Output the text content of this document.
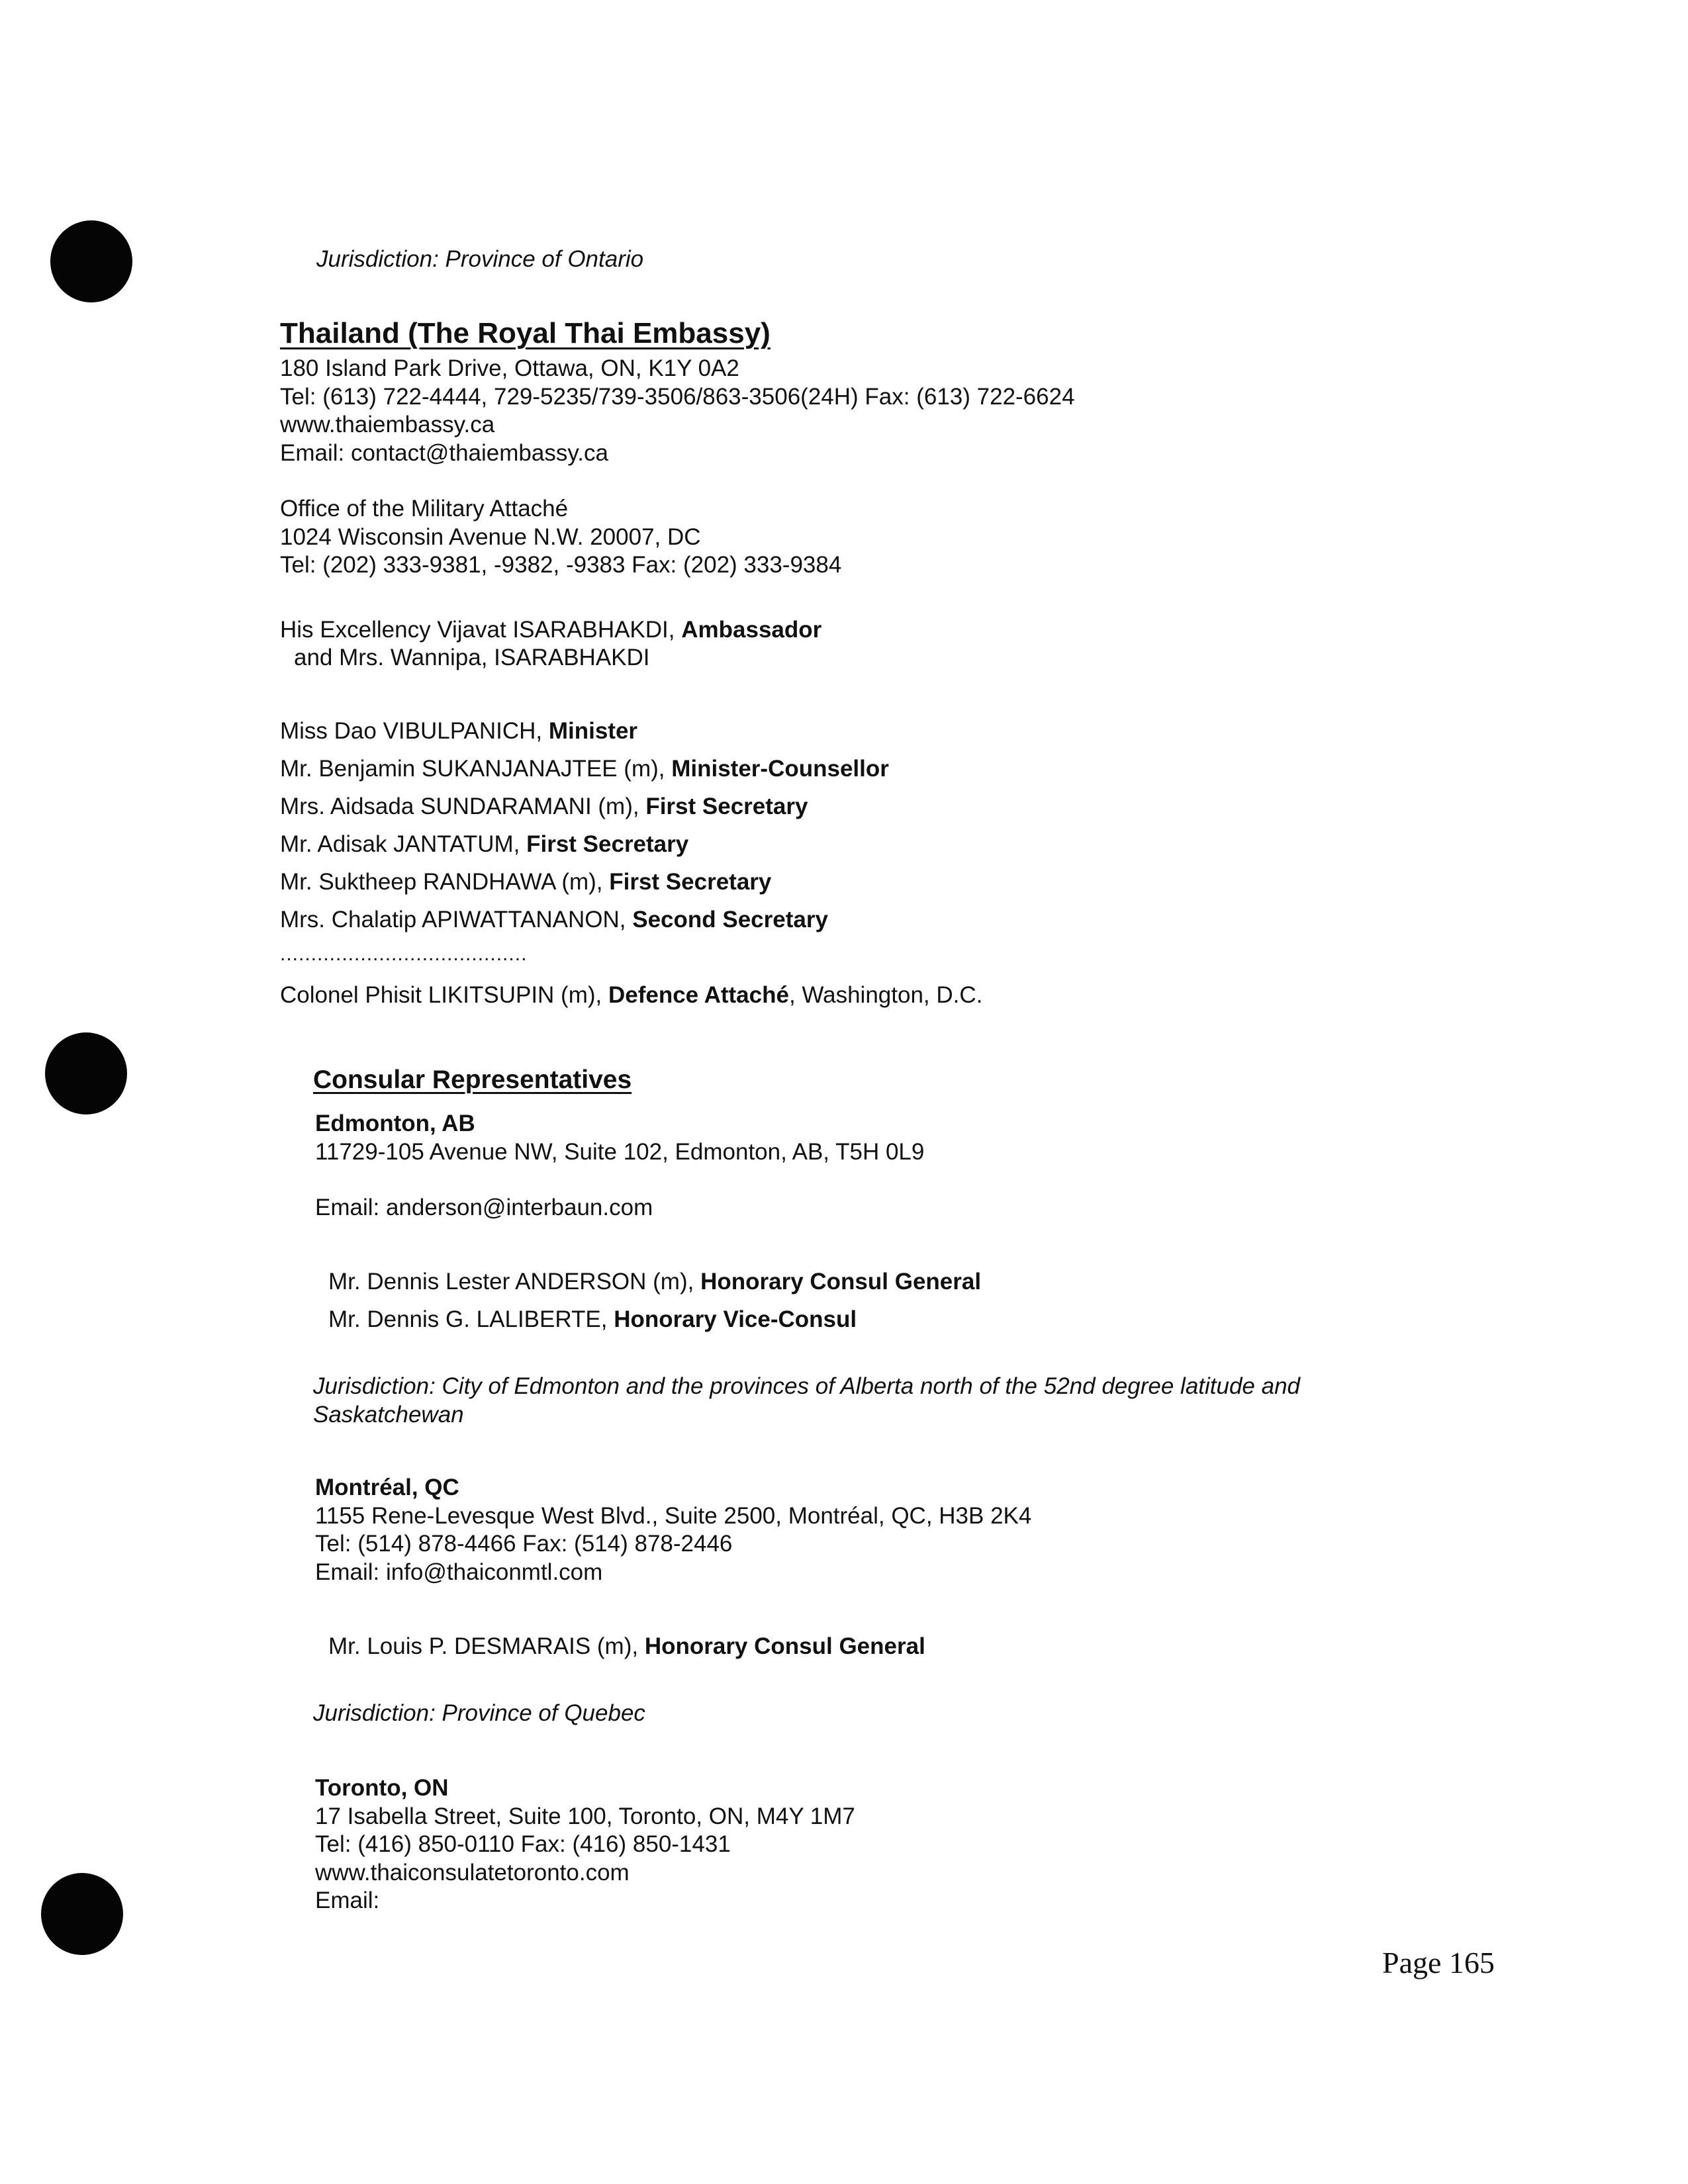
Jurisdiction: Province of Ontario
Thailand (The Royal Thai Embassy)
180 Island Park Drive, Ottawa, ON, K1Y 0A2
Tel: (613) 722-4444, 729-5235/739-3506/863-3506(24H) Fax: (613) 722-6624
www.thaiembassy.ca
Email: contact@thaiembassy.ca
Office of the Military Attaché
1024 Wisconsin Avenue N.W. 20007, DC
Tel: (202) 333-9381, -9382, -9383 Fax: (202) 333-9384
His Excellency Vijavat ISARABHAKDI, Ambassador
and Mrs. Wannipa, ISARABHAKDI
Miss Dao VIBULPANICH, Minister
Mr. Benjamin SUKANJANAJTEE (m), Minister-Counsellor
Mrs. Aidsada SUNDARAMANI (m), First Secretary
Mr. Adisak JANTATUM, First Secretary
Mr. Suktheep RANDHAWA (m), First Secretary
Mrs. Chalatip APIWATTANANON, Second Secretary
........................................
Colonel Phisit LIKITSUPIN (m), Defence Attaché, Washington, D.C.
Consular Representatives
Edmonton, AB
11729-105 Avenue NW, Suite 102, Edmonton, AB, T5H 0L9
Email: anderson@interbaun.com
Mr. Dennis Lester ANDERSON (m), Honorary Consul General
Mr. Dennis G. LALIBERTE, Honorary Vice-Consul
Jurisdiction: City of Edmonton and the provinces of Alberta north of the 52nd degree latitude and
Saskatchewan
Montréal, QC
1155 Rene-Levesque West Blvd., Suite 2500, Montréal, QC, H3B 2K4
Tel: (514) 878-4466 Fax: (514) 878-2446
Email: info@thaiconmtl.com
Mr. Louis P. DESMARAIS (m), Honorary Consul General
Jurisdiction: Province of Quebec
Toronto, ON
17 Isabella Street, Suite 100, Toronto, ON, M4Y 1M7
Tel: (416) 850-0110 Fax: (416) 850-1431
www.thaiconsulatetoronto.com
Email:
Page 165
